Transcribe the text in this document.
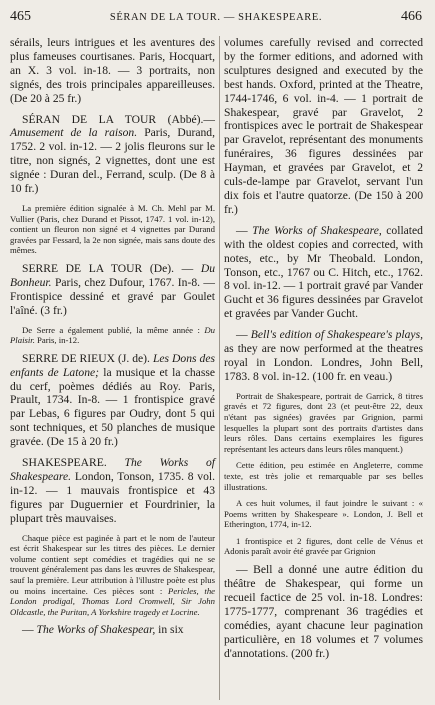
465	SÉRAN DE LA TOUR. — SHAKESPEARE.	466

sérails, leurs intrigues et les aventures des plus fameuses courtisanes. Paris, Hocquart, an X. 3 vol. in-18. — 3 portraits, non signés, des trois principales appareilleuses. (De 20 à 25 fr.)

SÉRAN DE LA TOUR (Abbé).—Amusement de la raison. Paris, Durand, 1752. 2 vol. in-12. — 2 jolis fleurons sur le titre, non signés, 2 vignettes, dont une est signée : Duran del., Ferrand, sculp. (De 8 à 10 fr.)

La première édition signalée à M. Ch. Mehl par M. Vullier (Paris, chez Durand et Pissot, 1747. 1 vol. in-12), contient un fleuron non signé et 4 vignettes par Durand gravées par Fessard, la 2e non signée, mais sans doute des mêmes.

SERRE DE LA TOUR (De). — Du Bonheur. Paris, chez Dufour, 1767. In-8. — Frontispice dessiné et gravé par Goulet l'aîné. (3 fr.)

De Serre a également publié, la même année : Du Plaisir. Paris, in-12.

SERRE DE RIEUX (J. de). Les Dons des enfants de Latone; la musique et la chasse du cerf, poèmes dédiés au Roy. Paris, Prault, 1734. In-8. — 1 frontispice gravé par Lebas, 6 figures par Oudry, dont 5 qui sont techniques, et 50 planches de musique gravée. (De 15 à 20 fr.)

SHAKESPEARE. The Works of Shakespeare. London, Tonson, 1735. 8 vol. in-12. — 1 mauvais frontispice et 43 figures par Duguernier et Fourdrinier, la plupart très mauvaises.

Chaque pièce est paginée à part et le nom de l'auteur est écrit Shakespear sur les titres des pièces. Le dernier volume contient sept comédies et tragédies qui ne se trouvent généralement pas dans les œuvres de Shakespear, sauf la première. Leur attribution à l'illustre poète est plus ou moins incertaine. Ces pièces sont : Pericles, the London prodigal, Thomas Lord Cromwell, Sir John Oldcastle, the Puritan, A Yorkshire tragedy et Locrine.

— The Works of Shakespear, in six

volumes carefully revised and corrected by the former editions, and adorned with sculptures designed and executed by the best hands. Oxford, printed at the Theatre, 1744-1746, 6 vol. in-4. — 1 portrait de Shakespear, gravé par Gravelot, 2 frontispices avec le portrait de Shakespear par Gravelot, représentant des monuments funéraires, 36 figures dessinées par Hayman, et gravées par Gravelot, et 2 culs-de-lampe par Gravelot, servant l'un dix fois et l'autre quatorze. (De 150 à 200 fr.)

— The Works of Shakespeare, collated with the oldest copies and corrected, with notes, etc., by Mr Theobald. London, Tonson, etc., 1767 ou C. Hitch, etc., 1762. 8 vol. in-12. — 1 portrait gravé par Vander Gucht et 36 figures dessinées par Gravelot et gravées par Vander Gucht.

— Bell's edition of Shakespeare's plays, as they are now performed at the theatres royal in London. Londres, John Bell, 1783. 8 vol. in-12. (100 fr. en veau.)

Portrait de Shakespeare, portrait de Garrick, 8 titres gravés et 72 figures, dont 23 (et peut-être 22, deux n'étant pas signées) gravées par Grignion, parmi lesquelles la plupart sont des portraits d'artistes dans leurs rôles. Dans certains exemplaires les figures représentant les acteurs dans leurs rôles manquent.)

Cette édition, peu estimée en Angleterre, comme texte, est très jolie et remarquable par ses belles illustrations.

A ces huit volumes, il faut joindre le suivant : « Poems written by Shakespeare ». London, J. Bell et Etherington, 1774, in-12.

1 frontispice et 2 figures, dont celle de Vénus et Adonis paraît avoir été gravée par Grignion

— Bell a donné une autre édition du théâtre de Shakespear, qui forme un recueil factice de 25 vol. in-18. Londres: 1775-1777, comprenant 36 tragédies et comédies, ayant chacune leur pagination particulière, en 18 volumes et 7 volumes d'annotations. (200 fr.)
